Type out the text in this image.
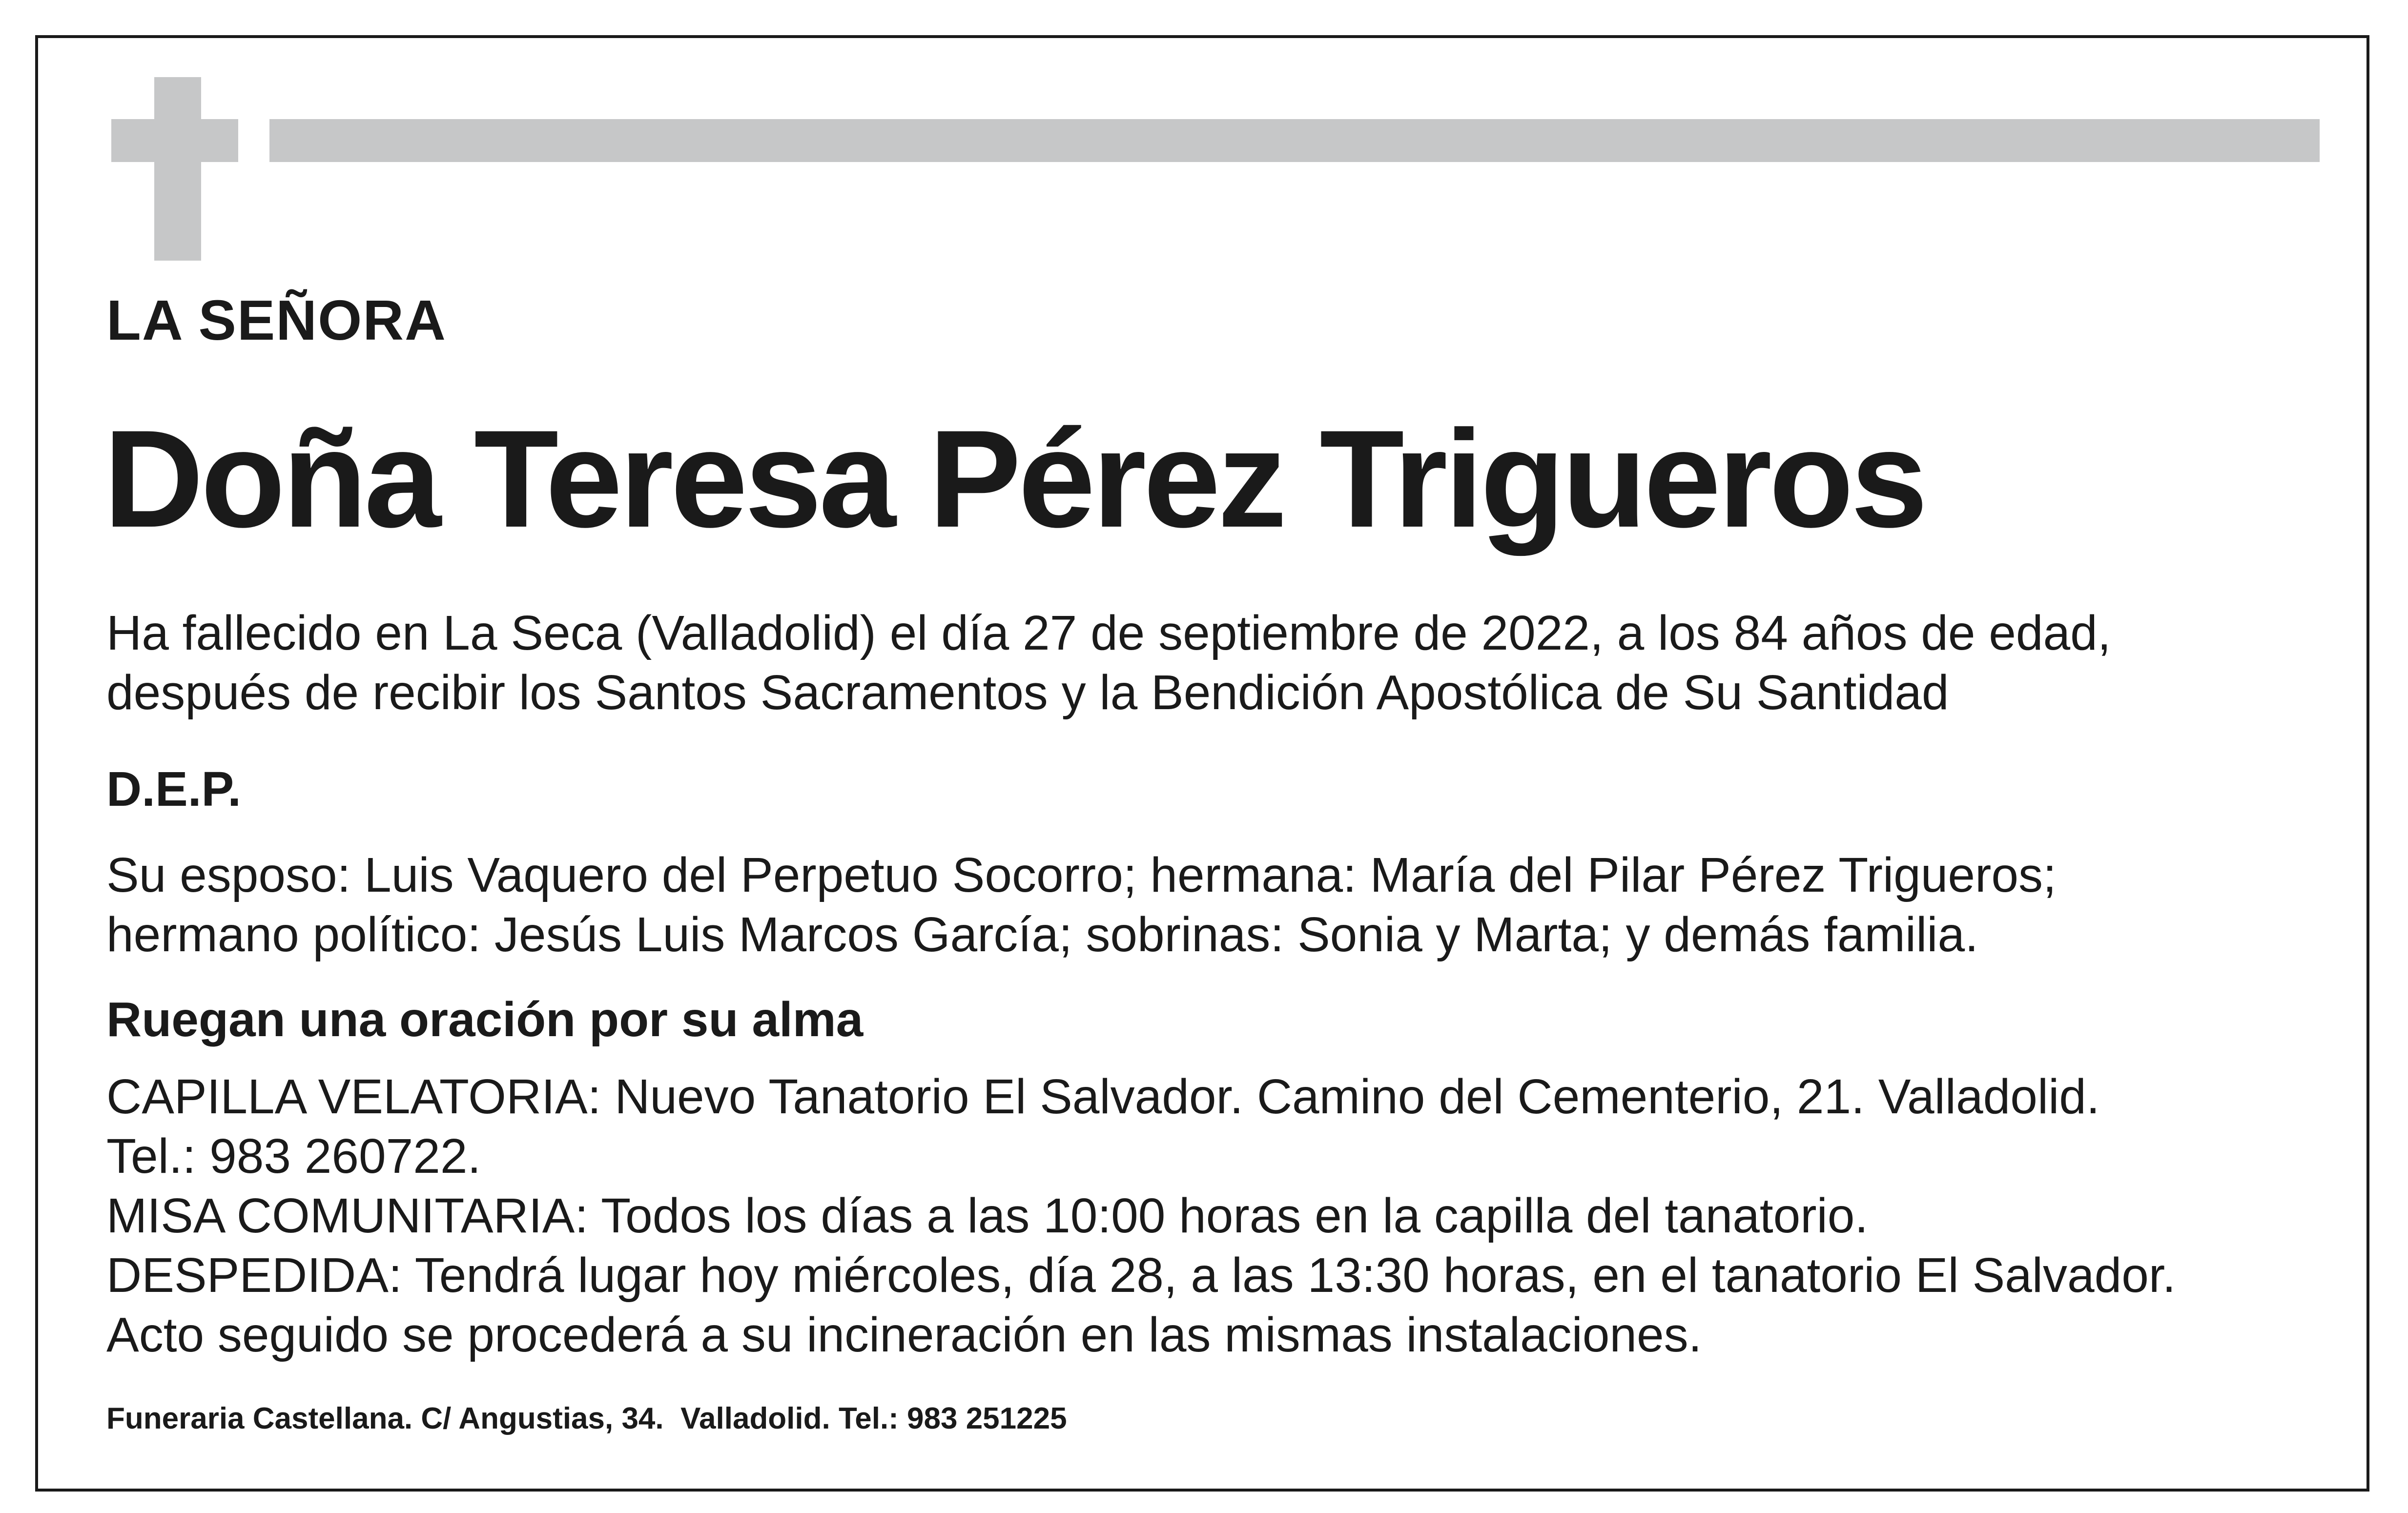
LA SEÑORA
Doña Teresa Pérez Trigueros
Ha fallecido en La Seca (Valladolid) el día 27 de septiembre de 2022, a los 84 años de edad,
después de recibir los Santos Sacramentos y la Bendición Apostólica de Su Santidad
D.E.P.
Su esposo: Luis Vaquero del Perpetuo Socorro; hermana: María del Pilar Pérez Trigueros;
hermano político: Jesús Luis Marcos García; sobrinas: Sonia y Marta; y demás familia.
Ruegan una oración por su alma
CAPILLA VELATORIA: Nuevo Tanatorio El Salvador. Camino del Cementerio, 21. Valladolid.
Tel.: 983 260722.
MISA COMUNITARIA: Todos los días a las 10:00 horas en la capilla del tanatorio.
DESPEDIDA: Tendrá lugar hoy miércoles, día 28, a las 13:30 horas, en el tanatorio El Salvador.
Acto seguido se procederá a su incineración en las mismas instalaciones.
Funeraria Castellana. C/ Angustias, 34.  Valladolid. Tel.: 983 251225
